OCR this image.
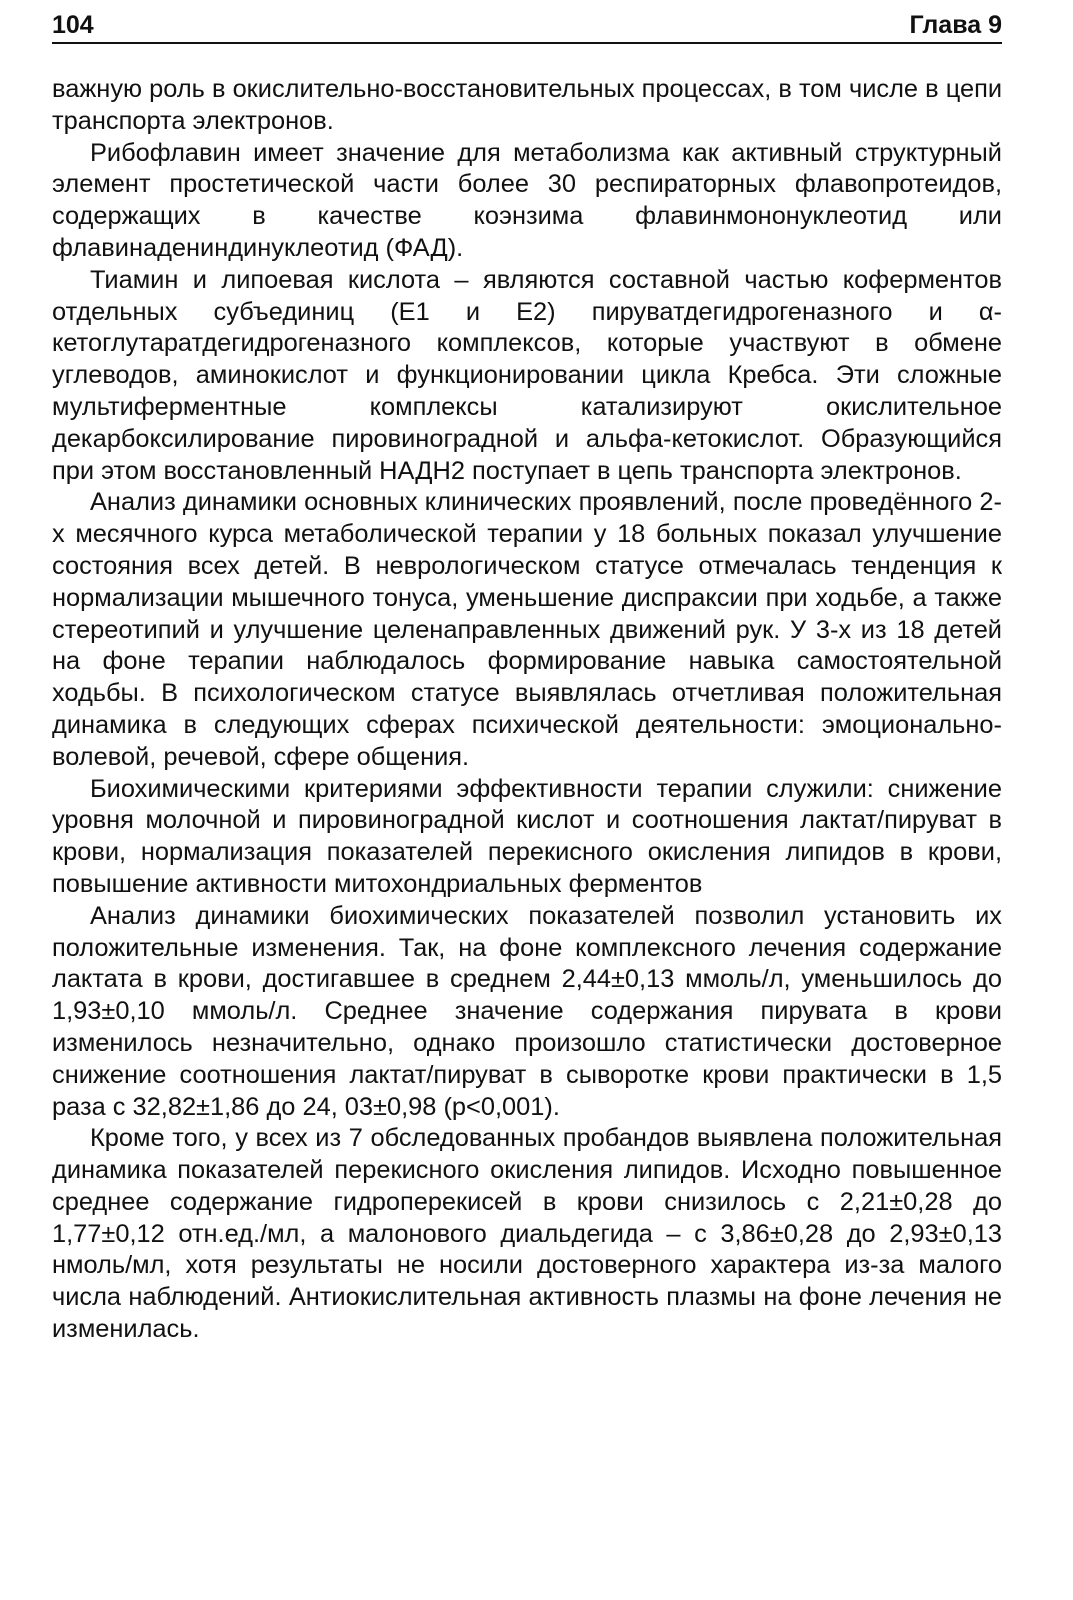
104	Глава 9

важную роль в окислительно-восстановительных процессах, в том числе в цепи транспорта электронов.

Рибофлавин имеет значение для метаболизма как активный структурный элемент простетической части более 30 респираторных флавопротеидов, содержащих в качестве коэнзима флавинмононуклеотид или флавинадениндинуклеотид (ФАД).

Тиамин и липоевая кислота – являются составной частью коферментов отдельных субъединиц (Е1 и Е2) пируватдегидрогеназного и α- кетоглутаратдегидрогеназного комплексов, которые участвуют в обмене углеводов, аминокислот и функционировании цикла Кребса. Эти сложные мультиферментные комплексы катализируют окислительное декарбоксилирование пировиноградной и альфа-кетокислот. Образующийся при этом восстановленный НАДН2 поступает в цепь транспорта электронов.

Анализ динамики основных клинических проявлений, после проведённого 2-х месячного курса метаболической терапии у 18 больных показал улучшение состояния всех детей. В неврологическом статусе отмечалась тенденция к нормализации мышечного тонуса, уменьшение диспраксии при ходьбе, а также стереотипий и улучшение целенаправленных движений рук. У 3-х из 18 детей на фоне терапии наблюдалось формирование навыка самостоятельной ходьбы. В психологическом статусе выявлялась отчетливая положительная динамика в следующих сферах психической деятельности: эмоционально- волевой, речевой, сфере общения.

Биохимическими критериями эффективности терапии служили: снижение уровня молочной и пировиноградной кислот и соотношения лактат/пируват в крови, нормализация показателей перекисного окисления липидов в крови, повышение активности митохондриальных ферментов

Анализ динамики биохимических показателей позволил установить их положительные изменения. Так, на фоне комплексного лечения содержание лактата в крови, достигавшее в среднем 2,44±0,13 ммоль/л, уменьшилось до 1,93±0,10 ммоль/л. Среднее значение содержания пирувата в крови изменилось незначительно, однако произошло статистически достоверное снижение соотношения лактат/пируват в сыворотке крови практически в 1,5 раза с 32,82±1,86 до 24, 03±0,98 (р<0,001).

Кроме того, у всех из 7 обследованных пробандов выявлена положительная динамика показателей перекисного окисления липидов. Исходно повышенное среднее содержание гидроперекисей в крови снизилось с 2,21±0,28 до 1,77±0,12 отн.ед./мл, а малонового диальдегида – с 3,86±0,28 до 2,93±0,13 нмоль/мл, хотя результаты не носили достоверного характера из-за малого числа наблюдений. Антиокислительная активность плазмы на фоне лечения не изменилась.
